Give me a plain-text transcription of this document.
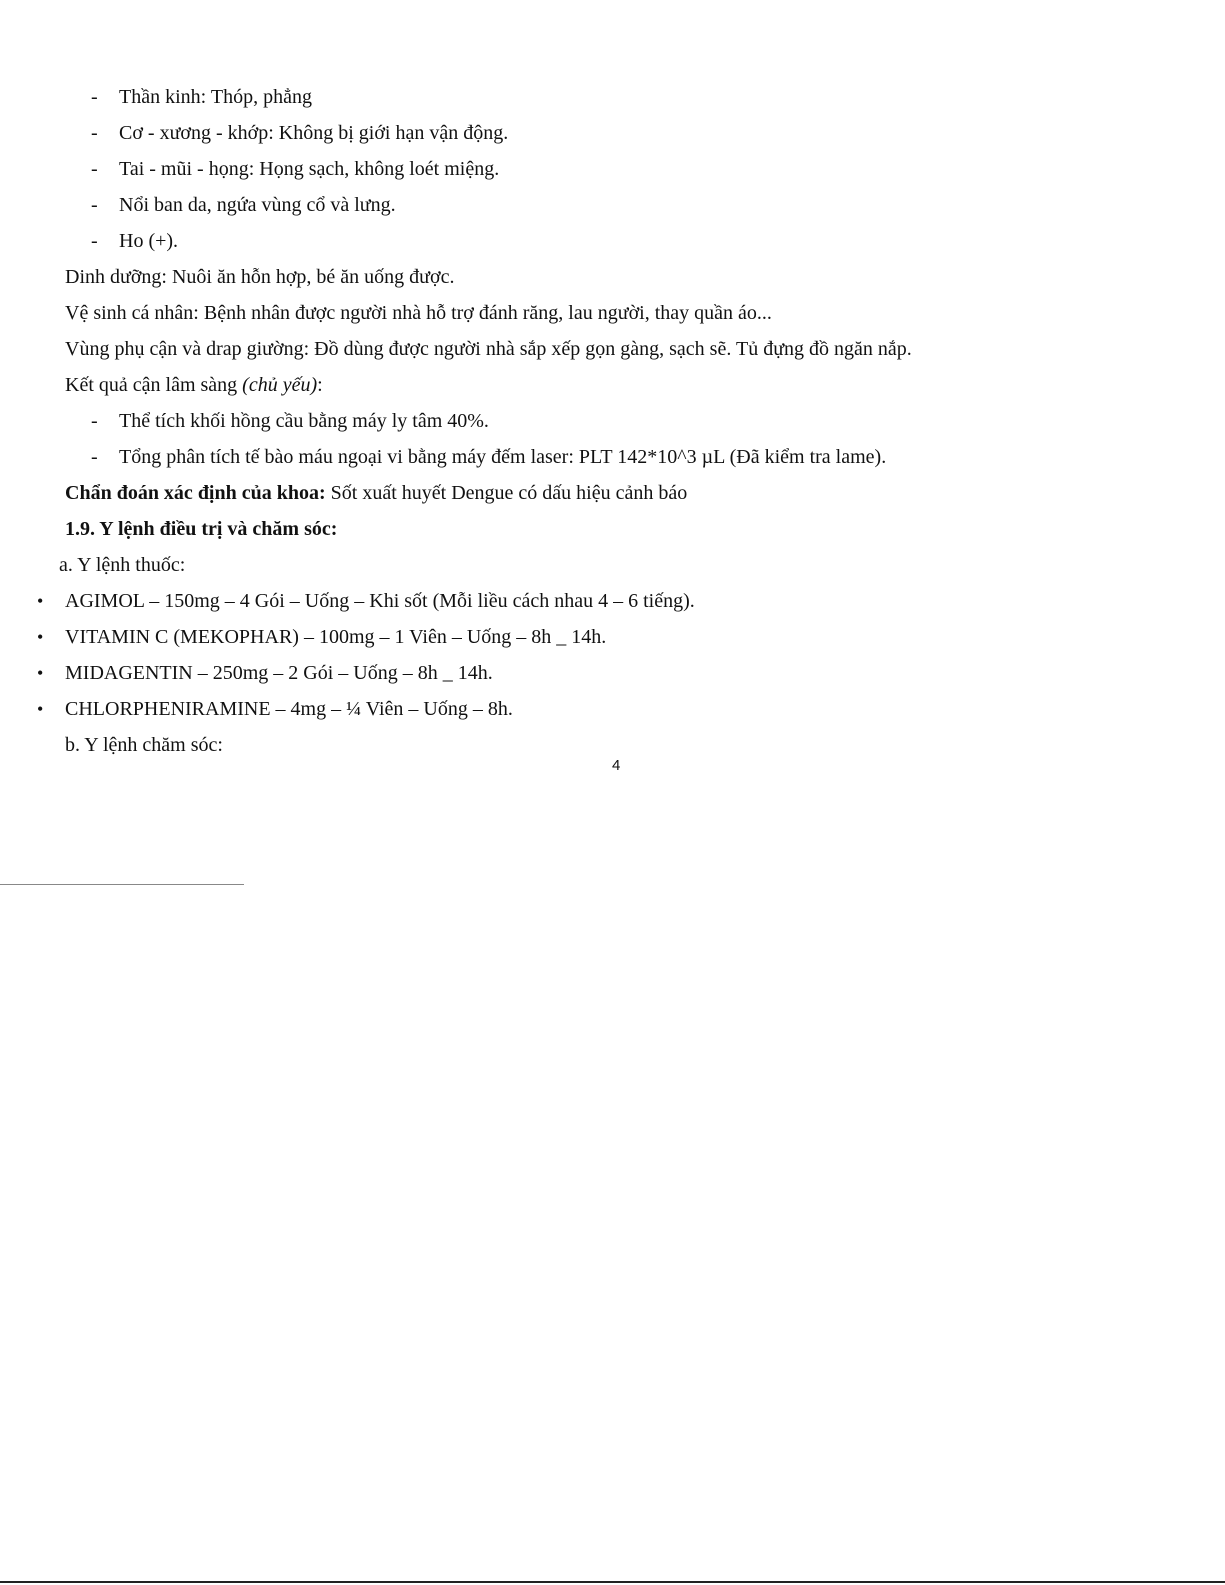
- Thần kinh: Thóp, phẳng
- Cơ - xương - khớp: Không bị giới hạn vận động.
- Tai - mũi - họng: Họng sạch, không loét miệng.
- Nổi ban da, ngứa vùng cổ và lưng.
- Ho (+).
Dinh dưỡng: Nuôi ăn hỗn hợp, bé ăn uống được.
Vệ sinh cá nhân: Bệnh nhân được người nhà hỗ trợ đánh răng, lau người, thay quần áo...
Vùng phụ cận và drap giường: Đồ dùng được người nhà sắp xếp gọn gàng, sạch sẽ. Tủ đựng đồ ngăn nắp.
Kết quả cận lâm sàng (chủ yếu):
- Thể tích khối hồng cầu bằng máy ly tâm 40%.
- Tổng phân tích tế bào máu ngoại vi bằng máy đếm laser: PLT 142*10^3 µL (Đã kiểm tra lame).
Chẩn đoán xác định của khoa: Sốt xuất huyết Dengue có dấu hiệu cảnh báo
1.9. Y lệnh điều trị và chăm sóc:
a. Y lệnh thuốc:
• AGIMOL – 150mg – 4 Gói – Uống – Khi sốt (Mỗi liều cách nhau 4 – 6 tiếng).
• VITAMIN C (MEKOPHAR) – 100mg – 1 Viên – Uống – 8h _ 14h.
• MIDAGENTIN – 250mg – 2 Gói – Uống – 8h _ 14h.
• CHLORPHENIRAMINE – 4mg – ¼ Viên – Uống – 8h.
b. Y lệnh chăm sóc:
4
